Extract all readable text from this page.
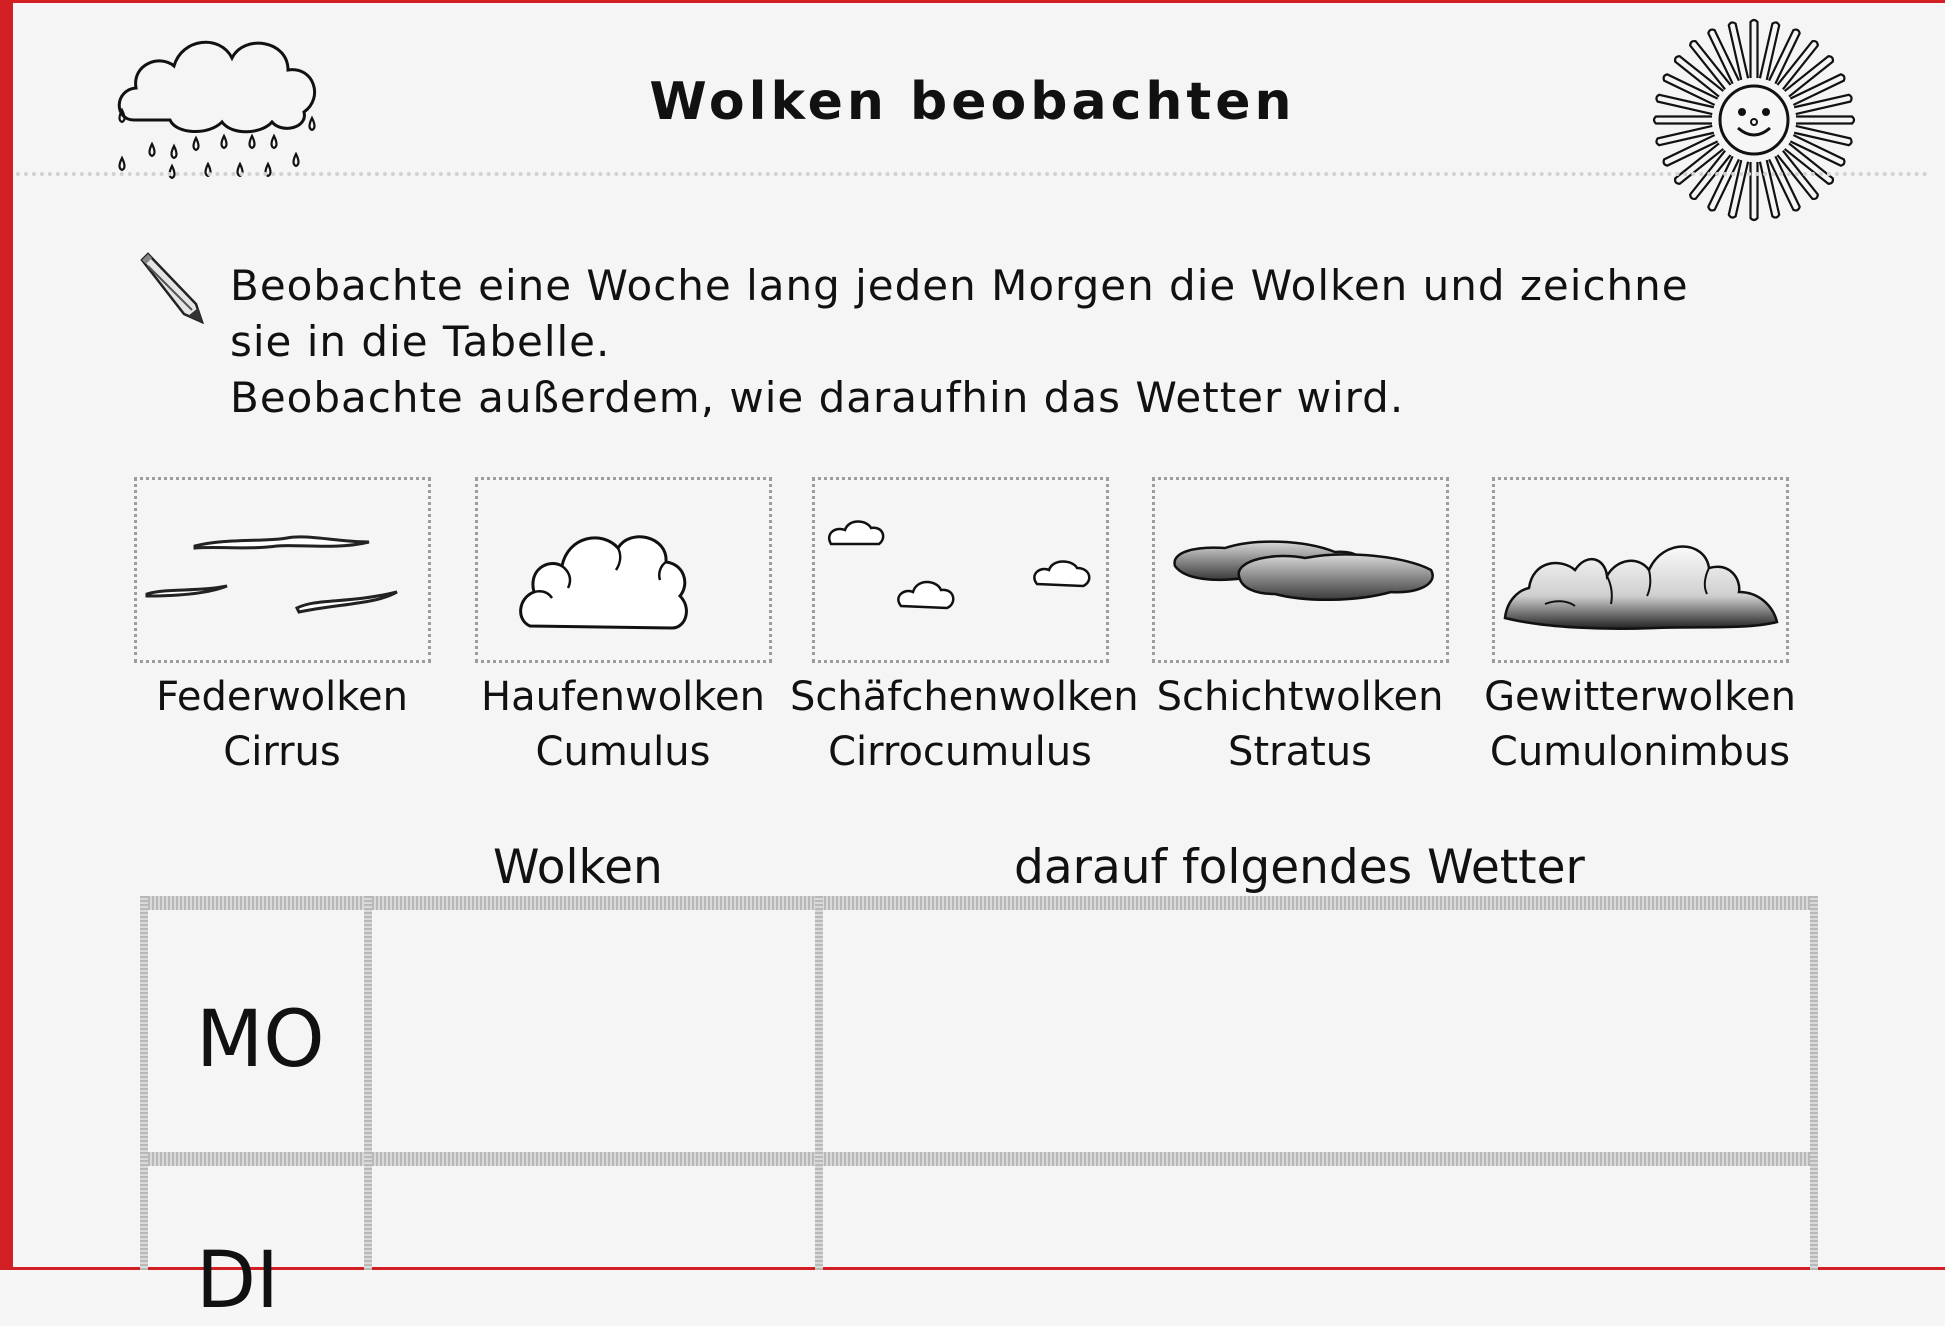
Wolken beobachten
Beobachte eine Woche lang jeden Morgen die Wolken und zeichne
sie in die Tabelle.
Beobachte außerdem, wie daraufhin das Wetter wird.
Federwolken
Cirrus
Haufenwolken
Cumulus
Schäfchenwolken
Cirrocumulus
Schichtwolken
Stratus
Gewitterwolken
Cumulonimbus
Wolken	darauf folgendes Wetter
MO
DI
